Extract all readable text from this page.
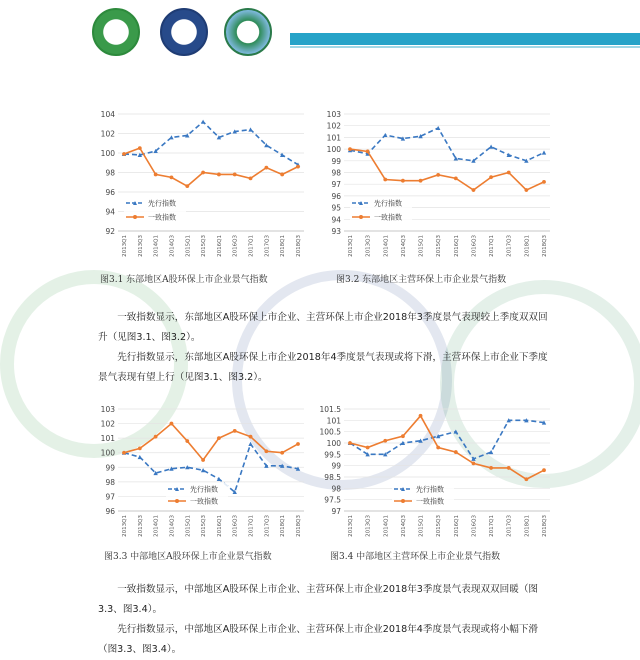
92
94
96
98
100
102
104
2013Q1 2013Q3 2014Q1 2014Q3 2015Q1 2015Q3 2016Q1 2016Q3 2017Q1 2017Q3 2018Q1 2018Q3
先行指数
一致指数
93
94
95
96
97
98
99
100
101
102
103
2013Q1 2013Q3 2014Q1 2014Q3 2015Q1 2015Q3 2016Q1 2016Q3 2017Q1 2017Q3 2018Q1 2018Q3
先行指数
一致指数
96
97
98
99
100
101
102
103
2013Q1 2013Q3 2014Q1 2014Q3 2015Q1 2015Q3 2016Q1 2016Q3 2017Q1 2017Q3 2018Q1 2018Q3
先行指数
一致指数
97
97.5
98
98.5
99
99.5
100
100.5
101
101.5
2013Q1 2013Q3 2014Q1 2014Q3 2015Q1 2015Q3 2016Q1 2016Q3 2017Q1 2017Q3 2018Q1 2018Q3
先行指数
一致指数
图3.1 东部地区A股环保上市企业景气指数	图3.2 东部地区主营环保上市企业景气指数
图3.3 中部地区A股环保上市企业景气指数	图3.4 中部地区主营环保上市企业景气指数

一致指数显示，东部地区A股环保上市企业、主营环保上市企业2018年3季度景气表现较上季度双双回升（见图3.1、图3.2）。

先行指数显示，东部地区A股环保上市企业2018年4季度景气表现或将下滑，主营环保上市企业下季度景气表现有望上行（见图3.1、图3.2）。

一致指数显示，中部地区A股环保上市企业、主营环保上市企业2018年3季度景气表现双双回暖（图3.3、图3.4）。

先行指数显示，中部地区A股环保上市企业、主营环保上市企业2018年4季度景气表现或将小幅下滑（图3.3、图3.4）。
